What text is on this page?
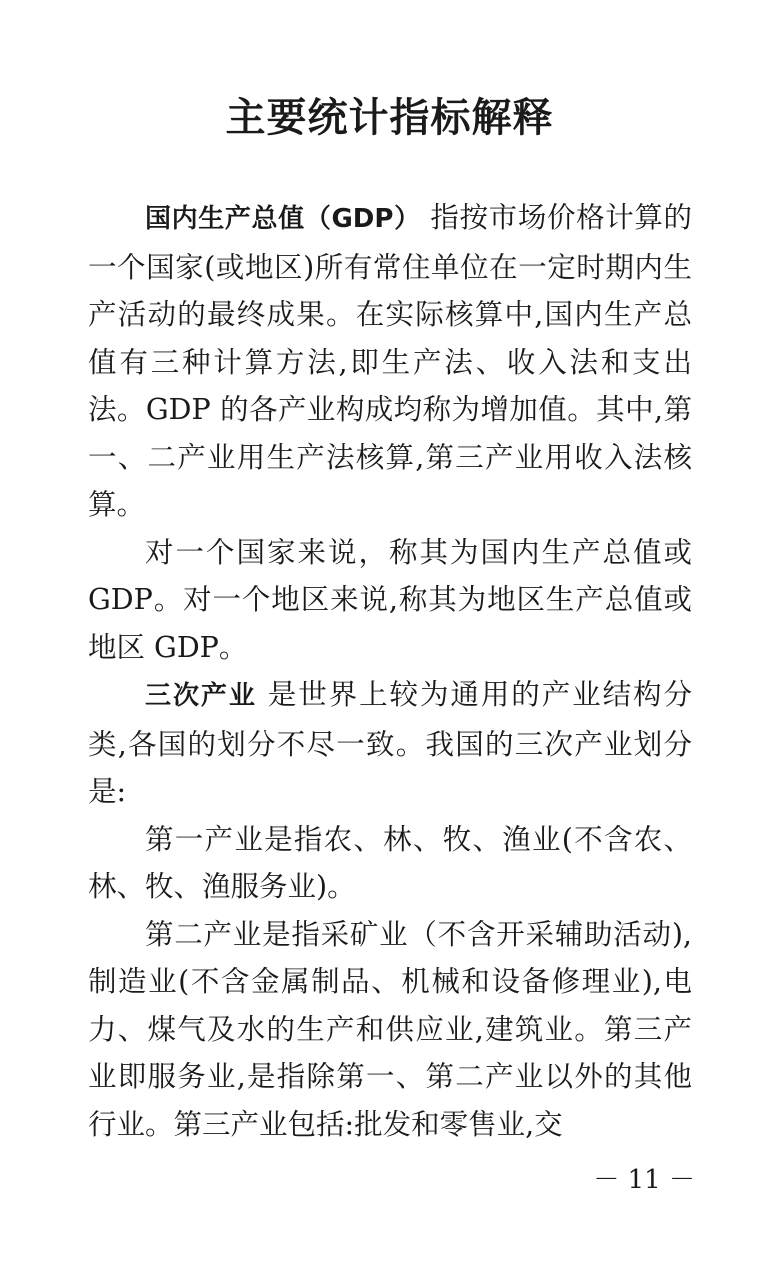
主要统计指标解释

国内生产总值（GDP） 指按市场价格计算的一个国家(或地区)所有常住单位在一定时期内生产活动的最终成果。在实际核算中,国内生产总值有三种计算方法,即生产法、收入法和支出法。GDP 的各产业构成均称为增加值。其中,第一、二产业用生产法核算,第三产业用收入法核算。

对一个国家来说，称其为国内生产总值或 GDP。对一个地区来说,称其为地区生产总值或地区 GDP。

三次产业 是世界上较为通用的产业结构分类,各国的划分不尽一致。我国的三次产业划分是:

第一产业是指农、林、牧、渔业(不含农、林、牧、渔服务业)。

第二产业是指采矿业（不含开采辅助活动),制造业(不含金属制品、机械和设备修理业),电力、煤气及水的生产和供应业,建筑业。第三产业即服务业,是指除第一、第二产业以外的其他行业。第三产业包括:批发和零售业,交

－ 11 －
